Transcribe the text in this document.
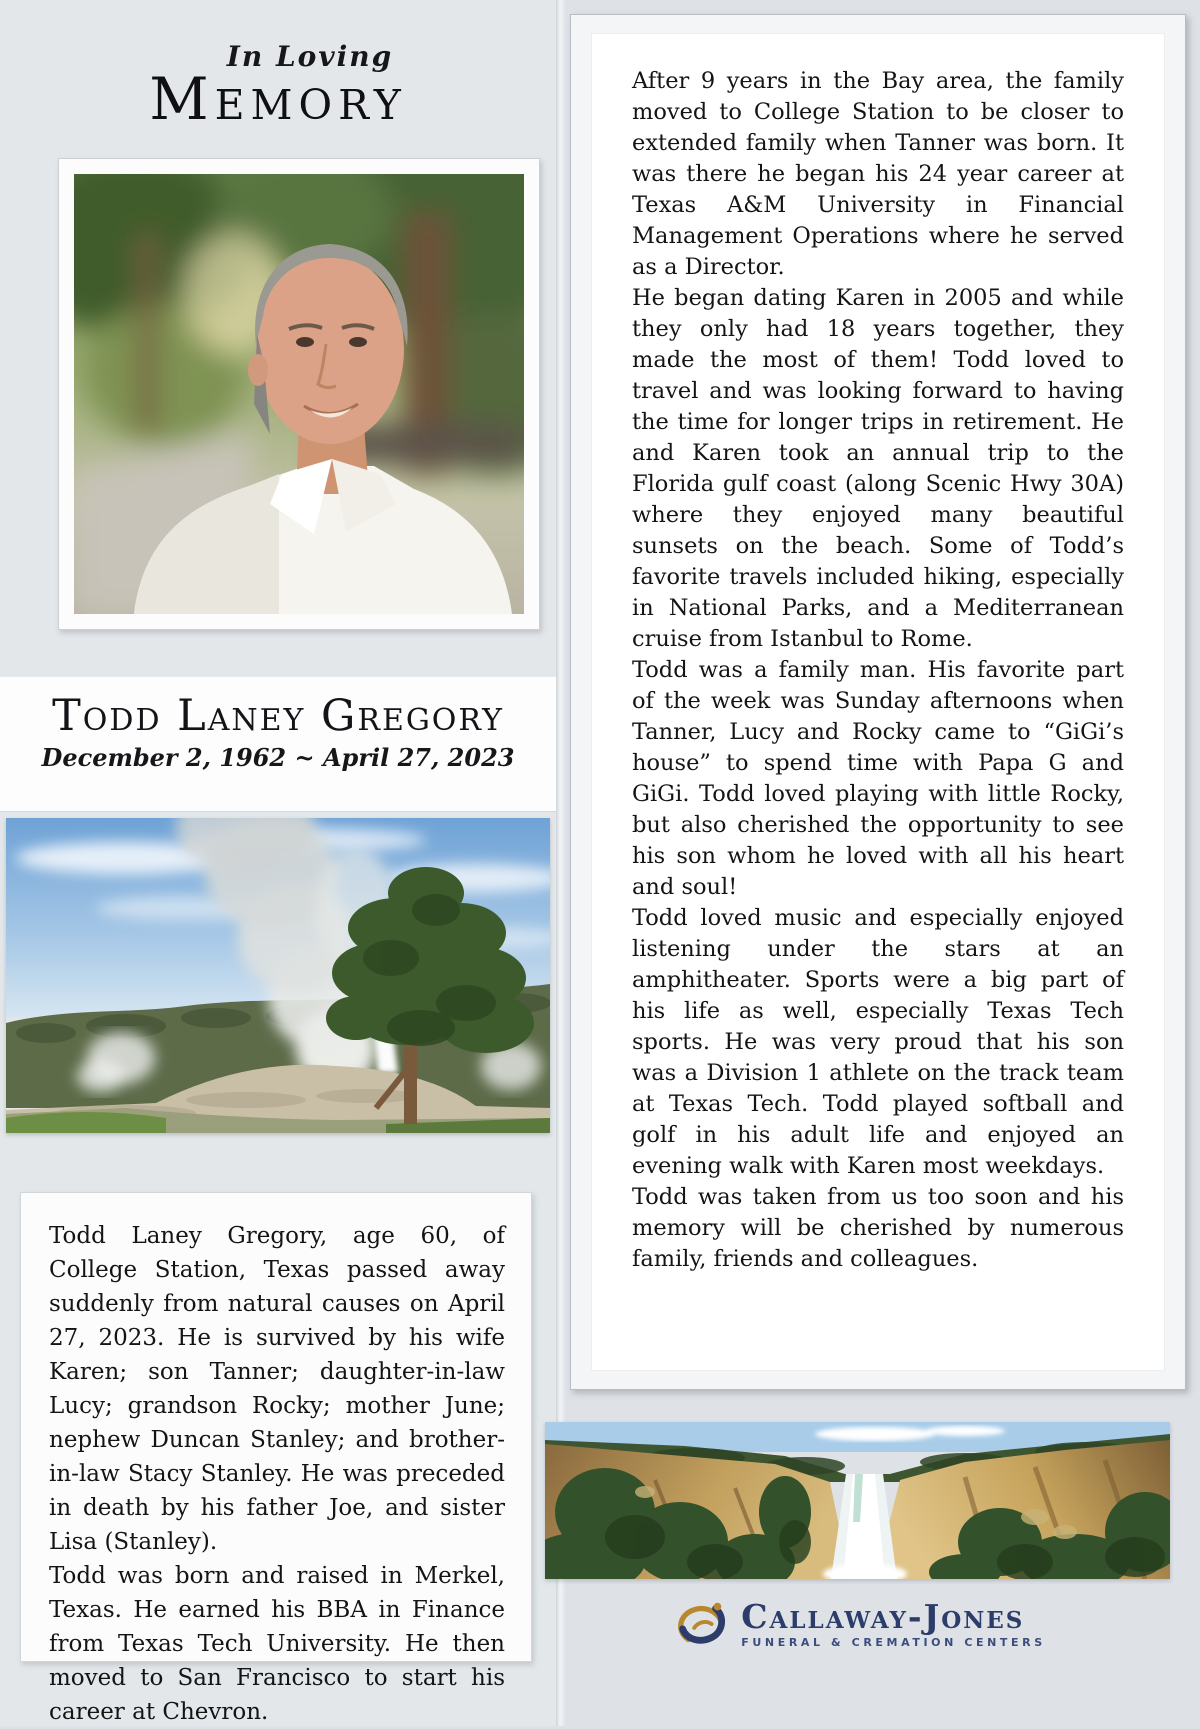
In Loving
Memory
Todd Laney Gregory
December 2, 1962 ~ April 27, 2023

Todd Laney Gregory, age 60, of College Station, Texas passed away suddenly from natural causes on April 27, 2023. He is survived by his wife Karen; son Tanner; daughter-in-law Lucy; grandson Rocky; mother June; nephew Duncan Stanley; and brother-in-law Stacy Stanley. He was preceded in death by his father Joe, and sister Lisa (Stanley).

Todd was born and raised in Merkel, Texas. He earned his BBA in Finance from Texas Tech University. He then moved to San Francisco to start his career at Chevron.

After 9 years in the Bay area, the family moved to College Station to be closer to extended family when Tanner was born. It was there he began his 24 year career at Texas A&M University in Financial Management Operations where he served as a Director.

He began dating Karen in 2005 and while they only had 18 years together, they made the most of them! Todd loved to travel and was looking forward to having the time for longer trips in retirement. He and Karen took an annual trip to the Florida gulf coast (along Scenic Hwy 30A) where they enjoyed many beautiful sunsets on the beach. Some of Todd’s favorite travels included hiking, especially in National Parks, and a Mediterranean cruise from Istanbul to Rome.

Todd was a family man. His favorite part of the week was Sunday afternoons when Tanner, Lucy and Rocky came to “GiGi’s house” to spend time with Papa G and GiGi. Todd loved playing with little Rocky, but also cherished the opportunity to see his son whom he loved with all his heart and soul!

Todd loved music and especially enjoyed listening under the stars at an amphitheater. Sports were a big part of his life as well, especially Texas Tech sports. He was very proud that his son was a Division 1 athlete on the track team at Texas Tech. Todd played softball and golf in his adult life and enjoyed an evening walk with Karen most weekdays.

Todd was taken from us too soon and his memory will be cherished by numerous family, friends and colleagues.

Callaway-Jones
FUNERAL & CREMATION CENTERS
